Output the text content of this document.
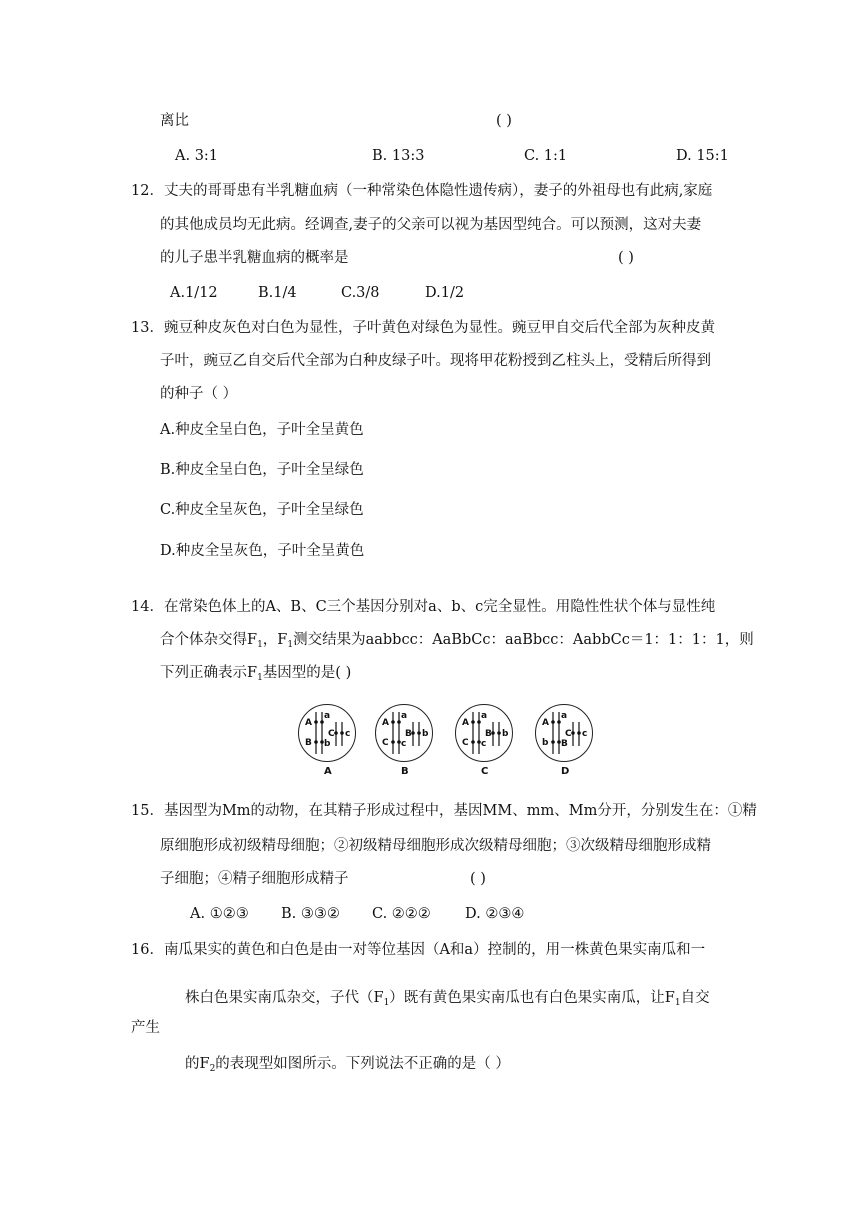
离比	( )
A. 3:1	B. 13:3	C. 1:1	D. 15:1
12．丈夫的哥哥患有半乳糖血病（一种常染色体隐性遗传病），妻子的外祖母也有此病,家庭
的其他成员均无此病。经调查,妻子的父亲可以视为基因型纯合。可以预测，这对夫妻
的儿子患半乳糖血病的概率是	( )
A.1/12	B.1/4	C.3/8	D.1/2
13．豌豆种皮灰色对白色为显性，子叶黄色对绿色为显性。豌豆甲自交后代全部为灰种皮黄
子叶，豌豆乙自交后代全部为白种皮绿子叶。现将甲花粉授到乙柱头上，受精后所得到
的种子（ ）
A.种皮全呈白色，子叶全呈黄色
B.种皮全呈白色，子叶全呈绿色
C.种皮全呈灰色，子叶全呈绿色
D.种皮全呈灰色，子叶全呈黄色
14．在常染色体上的A、B、C三个基因分别对a、b、c完全显性。用隐性性状个体与显性纯
合个体杂交得$F_1$，$F_1$测交结果为aabbcc：AaBbCc：aaBbcc：AabbCc＝1：1：1：1，则
下列正确表示$F_1$基因型的是( )
A
a
B b
C c
A
A
a
C c
B b
B
A
a
C c
B b
C
A
a
b B
C c
D
15．基因型为Mm的动物，在其精子形成过程中，基因MM、mm、Mm分开，分别发生在：①精
原细胞形成初级精母细胞；②初级精母细胞形成次级精母细胞；③次级精母细胞形成精
子细胞；④精子细胞形成精子	( )
A. ①②③ B. ③③② C. ②②② D. ②③④
16．南瓜果实的黄色和白色是由一对等位基因（A和a）控制的，用一株黄色果实南瓜和一
株白色果实南瓜杂交，子代$(F_1)$既有黄色果实南瓜也有白色果实南瓜，让$F_1$自交
产生
的$F_2$的表现型如图所示。下列说法不正确的是（ ）
